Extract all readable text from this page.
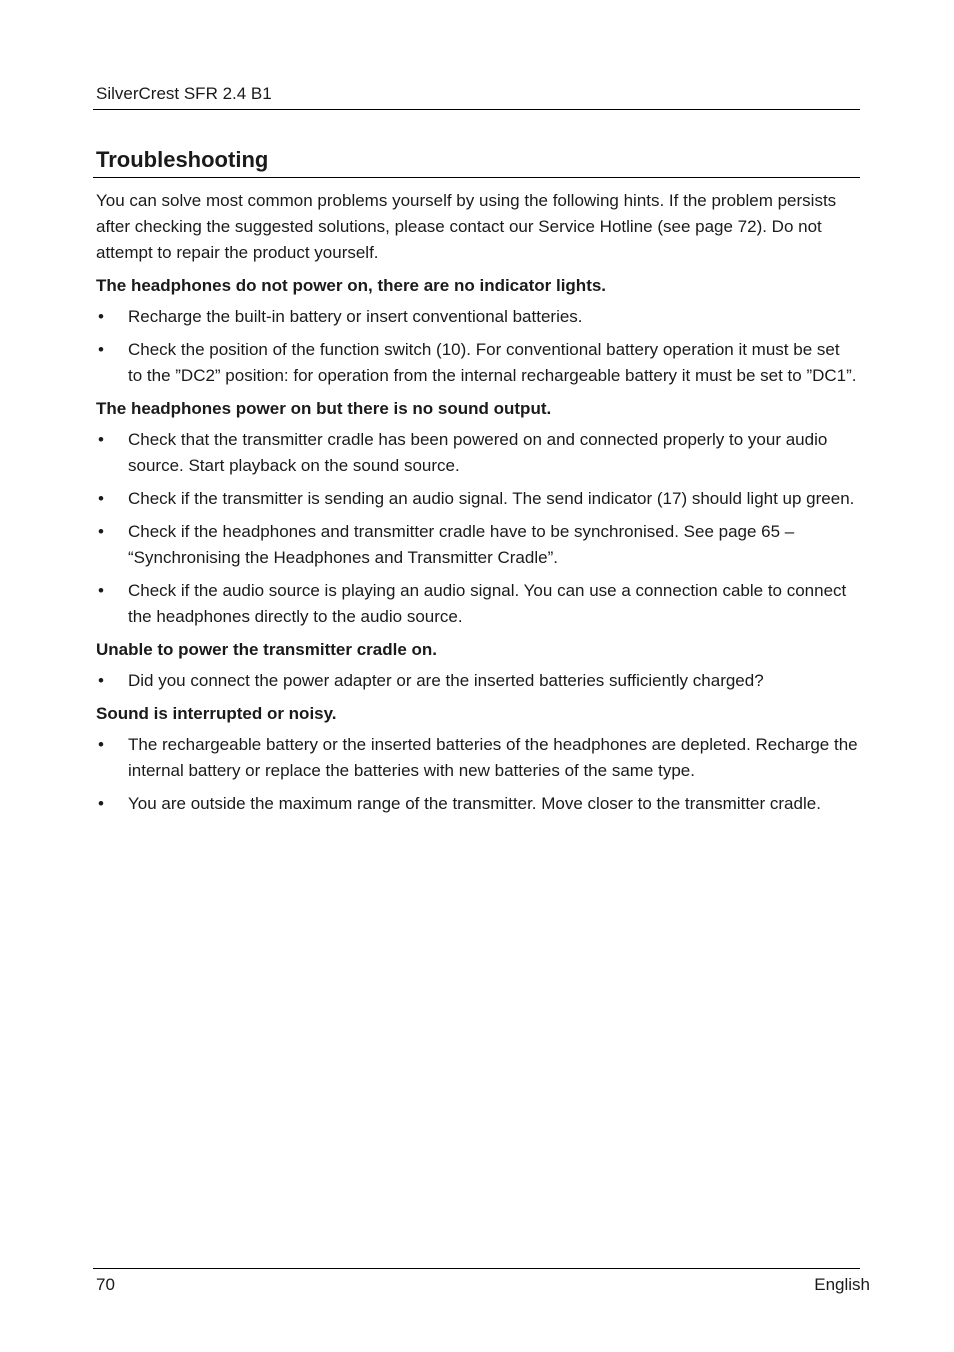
SilverCrest SFR 2.4 B1
Troubleshooting

You can solve most common problems yourself by using the following hints. If the problem persists after checking the suggested solutions, please contact our Service Hotline (see page 72). Do not attempt to repair the product yourself.

The headphones do not power on, there are no indicator lights.

• Recharge the built-in battery or insert conventional batteries.
• Check the position of the function switch (10). For conventional battery operation it must be set to the ”DC2” position: for operation from the internal rechargeable battery it must be set to ”DC1”.

The headphones power on but there is no sound output.

• Check that the transmitter cradle has been powered on and connected properly to your audio source. Start playback on the sound source.
• Check if the transmitter is sending an audio signal. The send indicator (17) should light up green.
• Check if the headphones and transmitter cradle have to be synchronised. See page 65 – “Synchronising the Headphones and Transmitter Cradle”.
• Check if the audio source is playing an audio signal. You can use a connection cable to connect the headphones directly to the audio source.

Unable to power the transmitter cradle on.

• Did you connect the power adapter or are the inserted batteries sufficiently charged?

Sound is interrupted or noisy.

• The rechargeable battery or the inserted batteries of the headphones are depleted. Recharge the internal battery or replace the batteries with new batteries of the same type.
• You are outside the maximum range of the transmitter. Move closer to the transmitter cradle.
70	English
